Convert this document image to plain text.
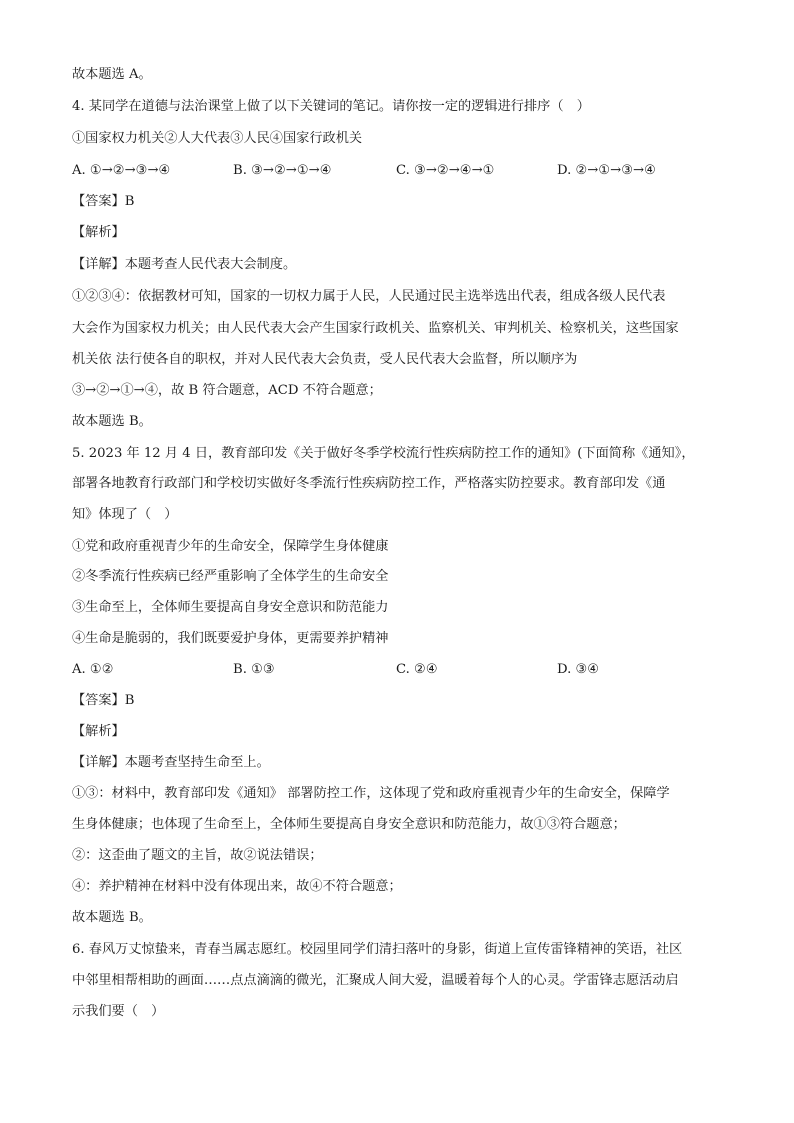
故本题选 A。
4. 某同学在道德与法治课堂上做了以下关键词的笔记。请你按一定的逻辑进行排序（　）
①国家权力机关②人大代表③人民④国家行政机关
A. ①→②→③→④	B. ③→②→①→④	C. ③→②→④→①	D. ②→①→③→④
【答案】B
【解析】
【详解】本题考查人民代表大会制度。
①②③④：依据教材可知，国家的一切权力属于人民，人民通过民主选举选出代表，组成各级人民代表
大会作为国家权力机关；由人民代表大会产生国家行政机关、监察机关、审判机关、检察机关，这些国家
机关依 法行使各自的职权，并对人民代表大会负责，受人民代表大会监督，所以顺序为
③→②→①→④，故 B 符合题意，ACD 不符合题意；
故本题选 B。
5. 2023 年 12 月 4 日，教育部印发《关于做好冬季学校流行性疾病防控工作的通知》(下面简称《通知》，
部署各地教育行政部门和学校切实做好冬季流行性疾病防控工作，严格落实防控要求。教育部印发《通
知》体现了（　）
①党和政府重视青少年的生命安全，保障学生身体健康
②冬季流行性疾病已经严重影响了全体学生的生命安全
③生命至上，全体师生要提高自身安全意识和防范能力
④生命是脆弱的，我们既要爱护身体，更需要养护精神
A. ①②	B. ①③	C. ②④	D. ③④
【答案】B
【解析】
【详解】本题考查坚持生命至上。
①③：材料中，教育部印发《通知》 部署防控工作，这体现了党和政府重视青少年的生命安全，保障学
生身体健康；也体现了生命至上，全体师生要提高自身安全意识和防范能力，故①③符合题意；
②：这歪曲了题文的主旨，故②说法错误；
④：养护精神在材料中没有体现出来，故④不符合题意；
故本题选 B。
6. 春风万丈惊蛰来，青春当属志愿红。校园里同学们清扫落叶的身影，街道上宣传雷锋精神的笑语，社区
中邻里相帮相助的画面……点点滴滴的微光，汇聚成人间大爱，温暖着每个人的心灵。学雷锋志愿活动启
示我们要（　）
